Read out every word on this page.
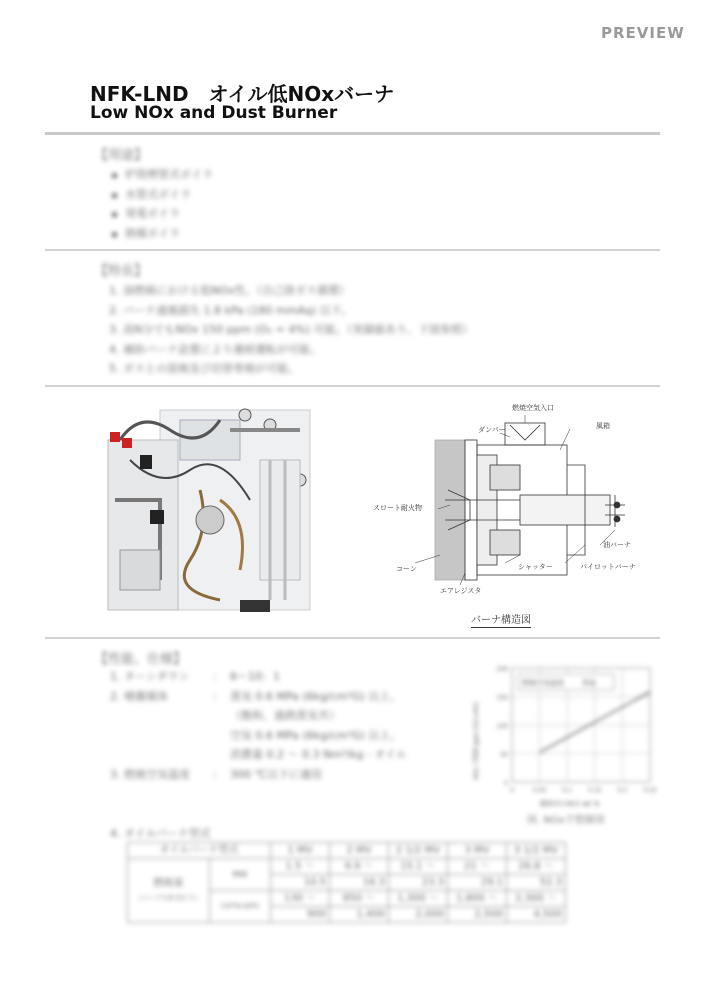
PREVIEW
NFK-LND　オイル低NOxバーナ
Low NOx and Dust Burner
【用途】
◆ 炉筒煙管式ボイラ
◆ 水管式ボイラ
◆ 発電ボイラ
◆ 熱媒ボイラ
【特長】
1. 油燃焼における低NOx性。（自己排ガス循環）
2. バーナ通風損失 1.8 kPa (180 mmAq) 以下。
3. 高N分でもNOx 150 ppm (O₂ = 4%) 可能。（実績値あり、下図参照）
4. 補助バーナ設置により連続運転が可能。
5. ガスとの混焼及び切替専焼が可能。
燃焼空気入口
ダンパー	風箱
スロート耐火物
油バーナ
コーン	シャッター	パイロットバーナ
エアレジスタ
バーナ構造図
【性能、仕様】
1. ターンダウン ： 6～10：1
2. 噴霧媒体	： 蒸気 0.6 MPa (6kg/cm²G) 以上、
（飽和、過熱蒸気共）
空気 0.6 MPa (6kg/cm²G) 以上、
消費量 0.2 ～ 0.3 Nm³/kg - オイル
3. 燃焼空気温度 ： 300 ℃以下に適用
200
150
100
50
0
0	0.05	0.1	0.15	0.2	0.25
燃焼空気温度	常温
NOx 予想値 ppm (O2=4%)
燃料中のN分 wt %
図. NOx予想線図
4. オイルバーナ型式
オイルバーナ型式		1 MV	2 MV	2 1/2 MV	3 MV	3 1/2 MV

燃焼量
（バーナ1本当たり）	MW	1.5 ～	9.9 ～	15.1 ～	21 ～	26.8 ～
		10.5	16.3	23.3	29.1	52.3
	(10³kcal/h)	130 ～	850 ～	1,300 ～	1,800 ～	2,300 ～
		900	1,400	2,000	2,500	4,500
